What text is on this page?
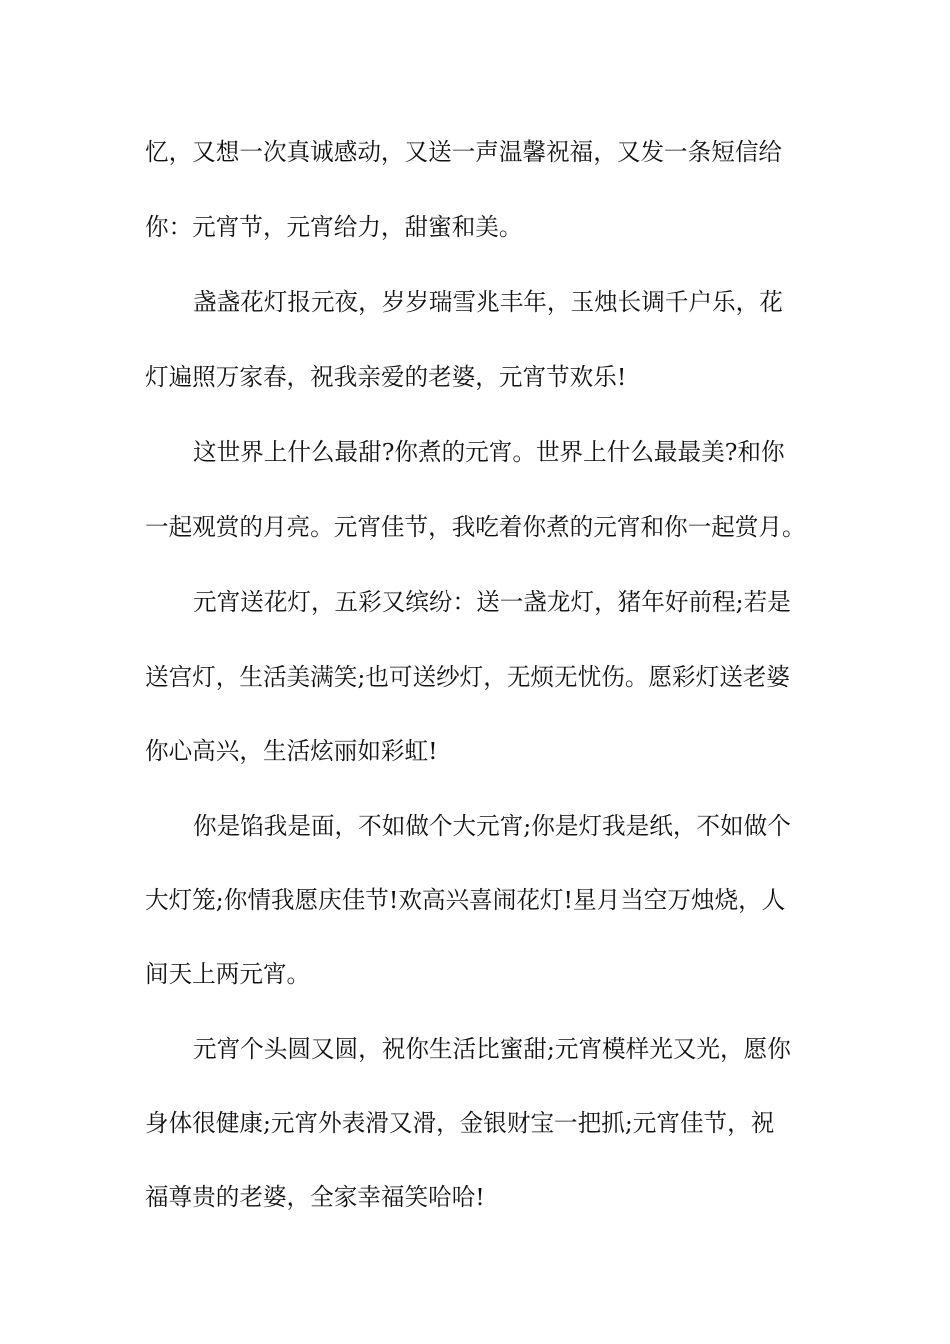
忆，又想一次真诚感动，又送一声温馨祝福，又发一条短信给
你：元宵节，元宵给力，甜蜜和美。
盏盏花灯报元夜，岁岁瑞雪兆丰年，玉烛长调千户乐，花
灯遍照万家春，祝我亲爱的老婆，元宵节欢乐!
这世界上什么最甜?你煮的元宵。世界上什么最最美?和你
一起观赏的月亮。元宵佳节，我吃着你煮的元宵和你一起赏月。
元宵送花灯，五彩又缤纷：送一盏龙灯，猪年好前程;若是
送宫灯，生活美满笑;也可送纱灯，无烦无忧伤。愿彩灯送老婆
你心高兴，生活炫丽如彩虹!
你是馅我是面，不如做个大元宵;你是灯我是纸，不如做个
大灯笼;你情我愿庆佳节!欢高兴喜闹花灯!星月当空万烛烧，人
间天上两元宵。
元宵个头圆又圆，祝你生活比蜜甜;元宵模样光又光，愿你
身体很健康;元宵外表滑又滑，金银财宝一把抓;元宵佳节，祝
福尊贵的老婆，全家幸福笑哈哈!
